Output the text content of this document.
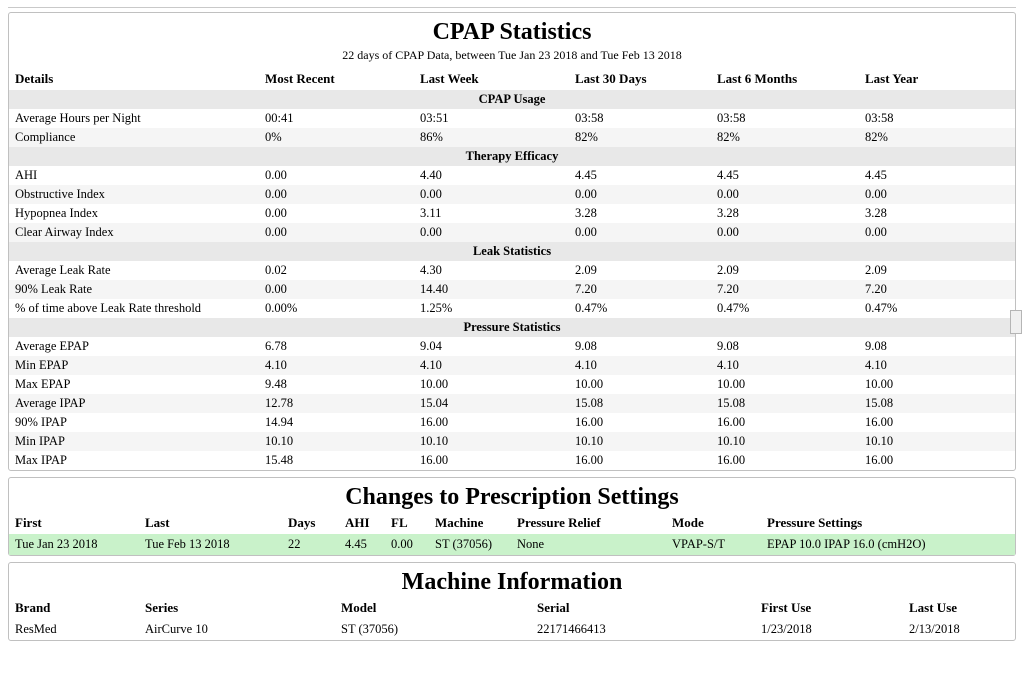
CPAP Statistics
22 days of CPAP Data, between Tue Jan 23 2018 and Tue Feb 13 2018
Details	Most Recent	Last Week	Last 30 Days	Last 6 Months	Last Year
CPAP Usage					
Average Hours per Night	00:41	03:51	03:58	03:58	03:58
Compliance	0%	86%	82%	82%	82%
Therapy Efficacy					
AHI	0.00	4.40	4.45	4.45	4.45
Obstructive Index	0.00	0.00	0.00	0.00	0.00
Hypopnea Index	0.00	3.11	3.28	3.28	3.28
Clear Airway Index	0.00	0.00	0.00	0.00	0.00
Leak Statistics					
Average Leak Rate	0.02	4.30	2.09	2.09	2.09
90% Leak Rate	0.00	14.40	7.20	7.20	7.20
% of time above Leak Rate threshold	0.00%	1.25%	0.47%	0.47%	0.47%
Pressure Statistics					
Average EPAP	6.78	9.04	9.08	9.08	9.08
Min EPAP	4.10	4.10	4.10	4.10	4.10
Max EPAP	9.48	10.00	10.00	10.00	10.00
Average IPAP	12.78	15.04	15.08	15.08	15.08
90% IPAP	14.94	16.00	16.00	16.00	16.00
Min IPAP	10.10	10.10	10.10	10.10	10.10
Max IPAP	15.48	16.00	16.00	16.00	16.00
Changes to Prescription Settings
First	Last	Days	AHI	FL	Machine	Pressure Relief	Mode	Pressure Settings
Tue Jan 23 2018	Tue Feb 13 2018	22	4.45	0.00	ST (37056)	None	VPAP-S/T	EPAP 10.0 IPAP 16.0 (cmH2O)
Machine Information
Brand	Series	Model	Serial	First Use	Last Use
ResMed	AirCurve 10	ST (37056)	22171466413	1/23/2018	2/13/2018
